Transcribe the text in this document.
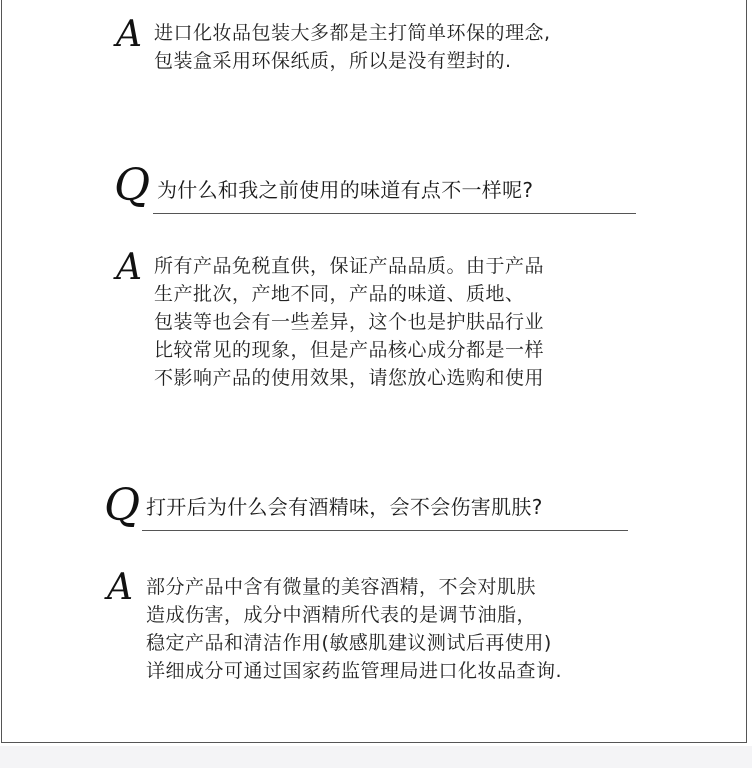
A 进口化妆品包装大多都是主打简单环保的理念,
包装盒采用环保纸质，所以是没有塑封的.
Q 为什么和我之前使用的味道有点不一样呢?
A 所有产品免税直供，保证产品品质。由于产品
生产批次，产地不同，产品的味道、质地、
包装等也会有一些差异，这个也是护肤品行业
比较常见的现象，但是产品核心成分都是一样
不影响产品的使用效果，请您放心选购和使用
Q 打开后为什么会有酒精味，会不会伤害肌肤?
A 部分产品中含有微量的美容酒精，不会对肌肤
造成伤害，成分中酒精所代表的是调节油脂，
稳定产品和清洁作用(敏感肌建议测试后再使用)
详细成分可通过国家药监管理局进口化妆品查询.
